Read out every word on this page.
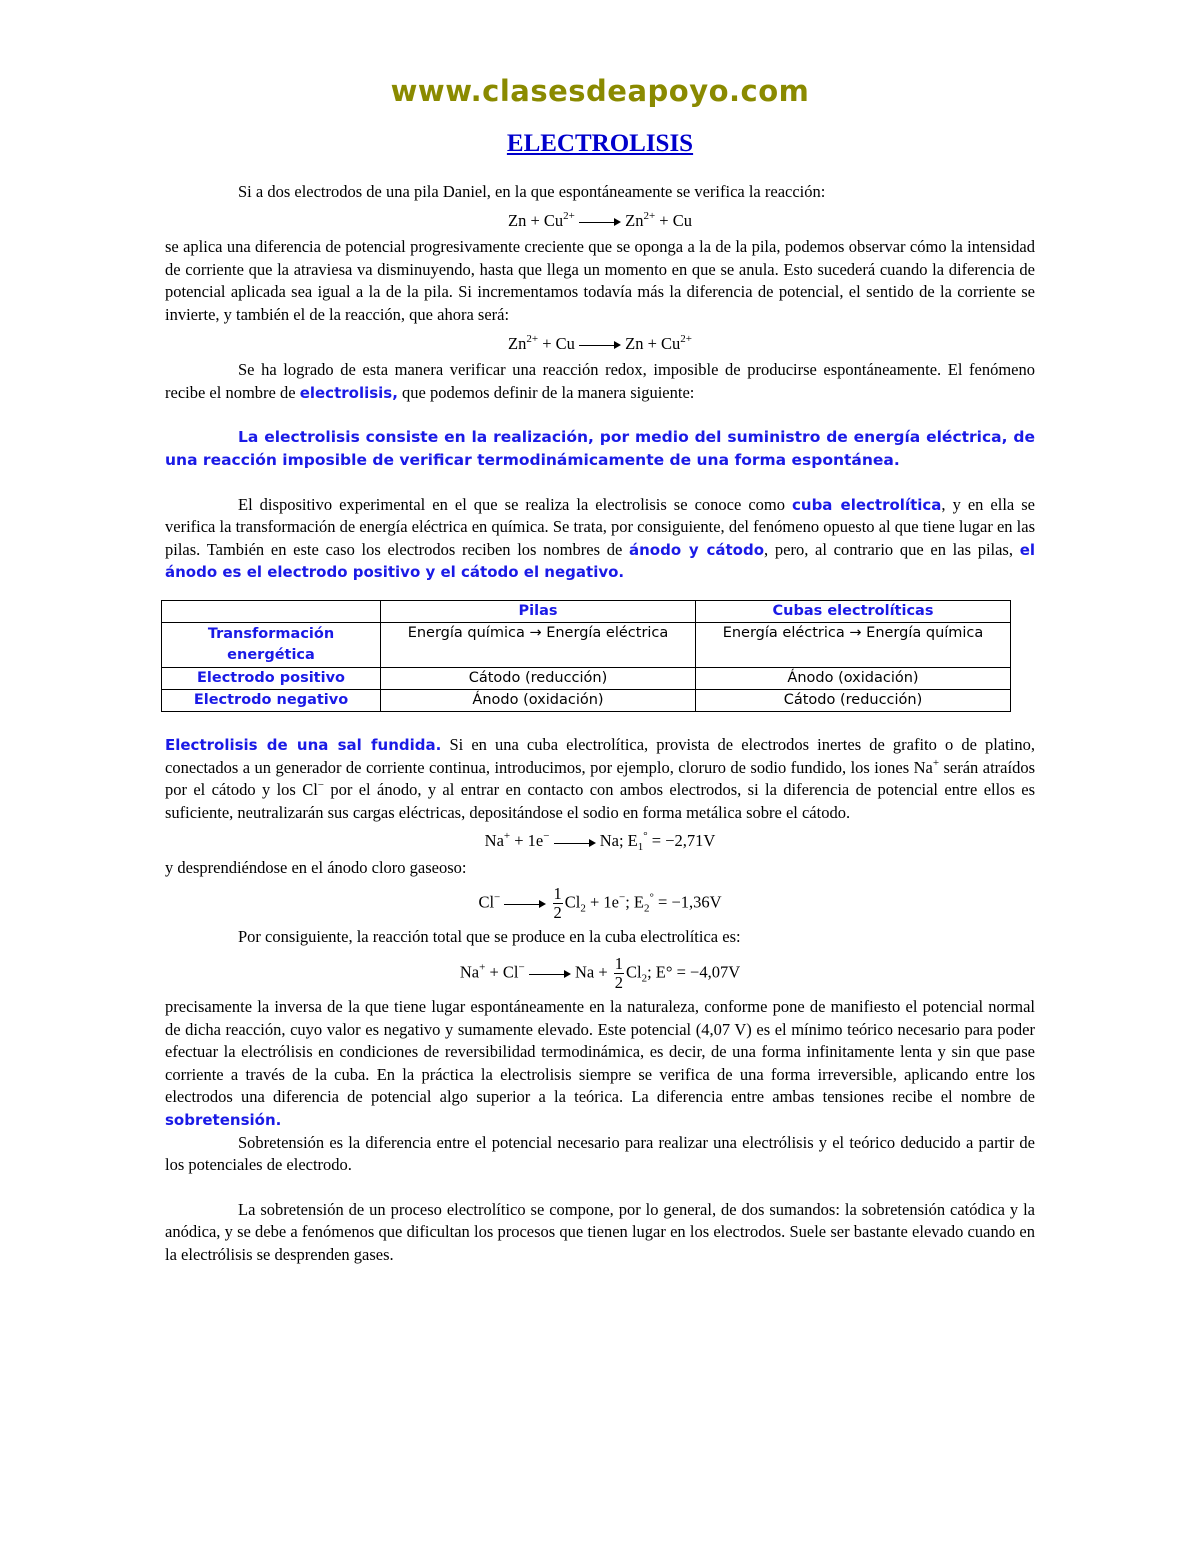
www.clasesdeapoyo.com
ELECTROLISIS

Si a dos electrodos de una pila Daniel, en la que espontáneamente se verifica la reacción:

$Zn + Cu^{2+}$	$Zn^{2+} + Cu$

se aplica una diferencia de potencial progresivamente creciente que se oponga a la de la pila, podemos observar cómo la intensidad de corriente que la atraviesa va disminuyendo, hasta que llega un momento en que se anula. Esto sucederá cuando la diferencia de potencial aplicada sea igual a la de la pila. Si incrementamos todavía más la diferencia de potencial, el sentido de la corriente se invierte, y también el de la reacción, que ahora será:

$Zn^{2+} + Cu$	$Zn + Cu^{2+}$

Se ha logrado de esta manera verificar una reacción redox, imposible de producirse espontáneamente. El fenómeno recibe el nombre de electrolisis, que podemos definir de la manera siguiente:

La electrolisis consiste en la realización, por medio del suministro de energía eléctrica, de una reacción imposible de verificar termodinámicamente de una forma espontánea.

El dispositivo experimental en el que se realiza la electrolisis se conoce como cuba electrolítica, y en ella se verifica la transformación de energía eléctrica en química. Se trata, por consiguiente, del fenómeno opuesto al que tiene lugar en las pilas. También en este caso los electrodos reciben los nombres de ánodo y cátodo, pero, al contrario que en las pilas, el ánodo es el electrodo positivo y el cátodo el negativo.

	Pilas	Cubas electrolíticas
Transformación energética	Energía química → Energía eléctrica	Energía eléctrica → Energía química
Electrodo positivo	Cátodo (reducción)	Ánodo (oxidación)
Electrodo negativo	Ánodo (oxidación)	Cátodo (reducción)

Electrolisis de una sal fundida. Si en una cuba electrolítica, provista de electrodos inertes de grafito o de platino, conectados a un generador de corriente continua, introducimos, por ejemplo, cloruro de sodio fundido, los iones Na+ serán atraídos por el cátodo y los Cl− por el ánodo, y al entrar en contacto con ambos electrodos, si la diferencia de potencial entre ellos es suficiente, neutralizarán sus cargas eléctricas, depositándose el sodio en forma metálica sobre el cátodo.

Na+ + 1e−	Na; $E_1^\circ = -2,71V$

y desprendiéndose en el ánodo cloro gaseoso:

Cl−	$\frac{1}{2} Cl_2 + 1e^-$; $E_2^\circ = -1,36V$

Por consiguiente, la reacción total que se produce en la cuba electrolítica es:

Na+ + Cl−	$Na + \frac{1}{2} Cl_2$; E° = −4,07V

precisamente la inversa de la que tiene lugar espontáneamente en la naturaleza, conforme pone de manifiesto el potencial normal de dicha reacción, cuyo valor es negativo y sumamente elevado. Este potencial (4,07 V) es el mínimo teórico necesario para poder efectuar la electrólisis en condiciones de reversibilidad termodinámica, es decir, de una forma infinitamente lenta y sin que pase corriente a través de la cuba. En la práctica la electrolisis siempre se verifica de una forma irreversible, aplicando entre los electrodos una diferencia de potencial algo superior a la teórica. La diferencia entre ambas tensiones recibe el nombre de sobretensión.

Sobretensión es la diferencia entre el potencial necesario para realizar una electrólisis y el teórico deducido a partir de los potenciales de electrodo.

La sobretensión de un proceso electrolítico se compone, por lo general, de dos sumandos: la sobretensión catódica y la anódica, y se debe a fenómenos que dificultan los procesos que tienen lugar en los electrodos. Suele ser bastante elevado cuando en la electrólisis se desprenden gases.
